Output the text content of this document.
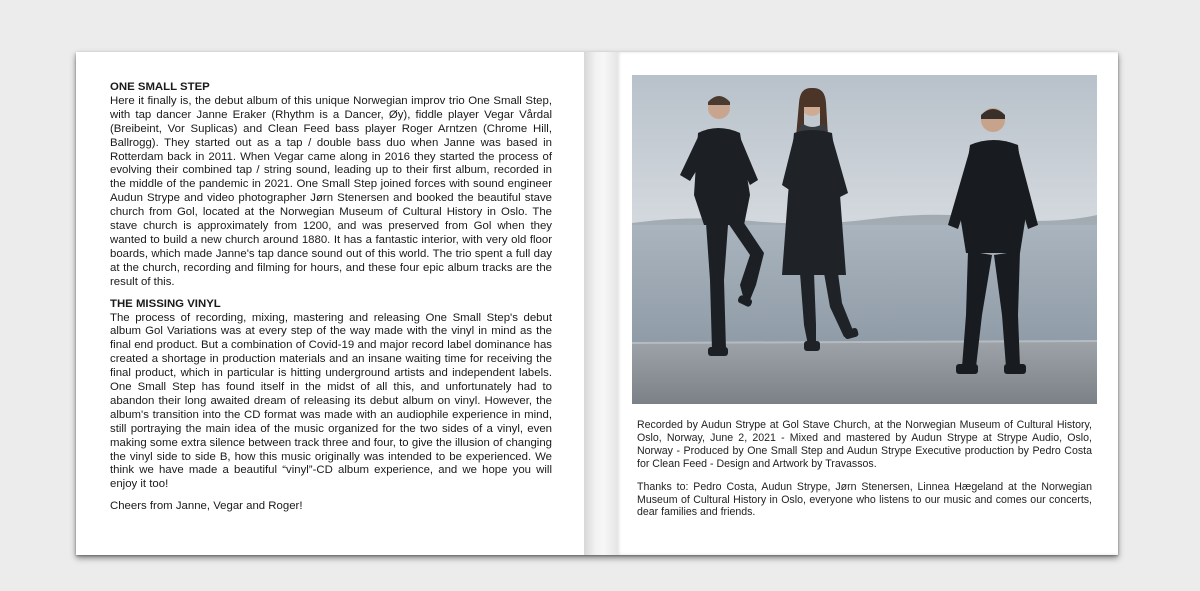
ONE SMALL STEP

Here it finally is, the debut album of this unique Norwegian improv trio One Small Step, with tap dancer Janne Eraker (Rhythm is a Dancer, Øy), fiddle player Vegar Vårdal (Breibeint, Vor Suplicas) and Clean Feed bass player Roger Arntzen (Chrome Hill, Ballrogg). They started out as a tap / double bass duo when Janne was based in Rotterdam back in 2011. When Vegar came along in 2016 they started the process of evolving their combined tap / string sound, leading up to their first album, recorded in the middle of the pandemic in 2021. One Small Step joined forces with sound engineer Audun Strype and video photographer Jørn Stenersen and booked the beautiful stave church from Gol, located at the Norwegian Museum of Cultural History in Oslo. The stave church is approximately from 1200, and was preserved from Gol when they wanted to build a new church around 1880. It has a fantastic interior, with very old floor boards, which made Janne's tap dance sound out of this world. The trio spent a full day at the church, recording and filming for hours, and these four epic album tracks are the result of this.

THE MISSING VINYL

The process of recording, mixing, mastering and releasing One Small Step's debut album Gol Variations was at every step of the way made with the vinyl in mind as the final end product. But a combination of Covid-19 and major record label dominance has created a shortage in production materials and an insane waiting time for receiving the final product, which in particular is hitting underground artists and independent labels. One Small Step has found itself in the midst of all this, and unfortunately had to abandon their long awaited dream of releasing its debut album on vinyl. However, the album's transition into the CD format was made with an audiophile experience in mind, still portraying the main idea of the music organized for the two sides of a vinyl, even making some extra silence between track three and four, to give the illusion of changing the vinyl side to side B, how this music originally was intended to be experienced. We think we have made a beautiful “vinyl”-CD album experience, and we hope you will enjoy it too!

Cheers from Janne, Vegar and Roger!

Recorded by Audun Strype at Gol Stave Church, at the Norwegian Museum of Cultural History, Oslo, Norway, June 2, 2021 - Mixed and mastered by Audun Strype at Strype Audio, Oslo, Norway - Produced by One Small Step and Audun Strype Executive production by Pedro Costa for Clean Feed - Design and Artwork by Travassos.

Thanks to: Pedro Costa, Audun Strype, Jørn Stenersen, Linnea Hægeland at the Norwegian Museum of Cultural History in Oslo, everyone who listens to our music and comes our concerts, dear families and friends.
